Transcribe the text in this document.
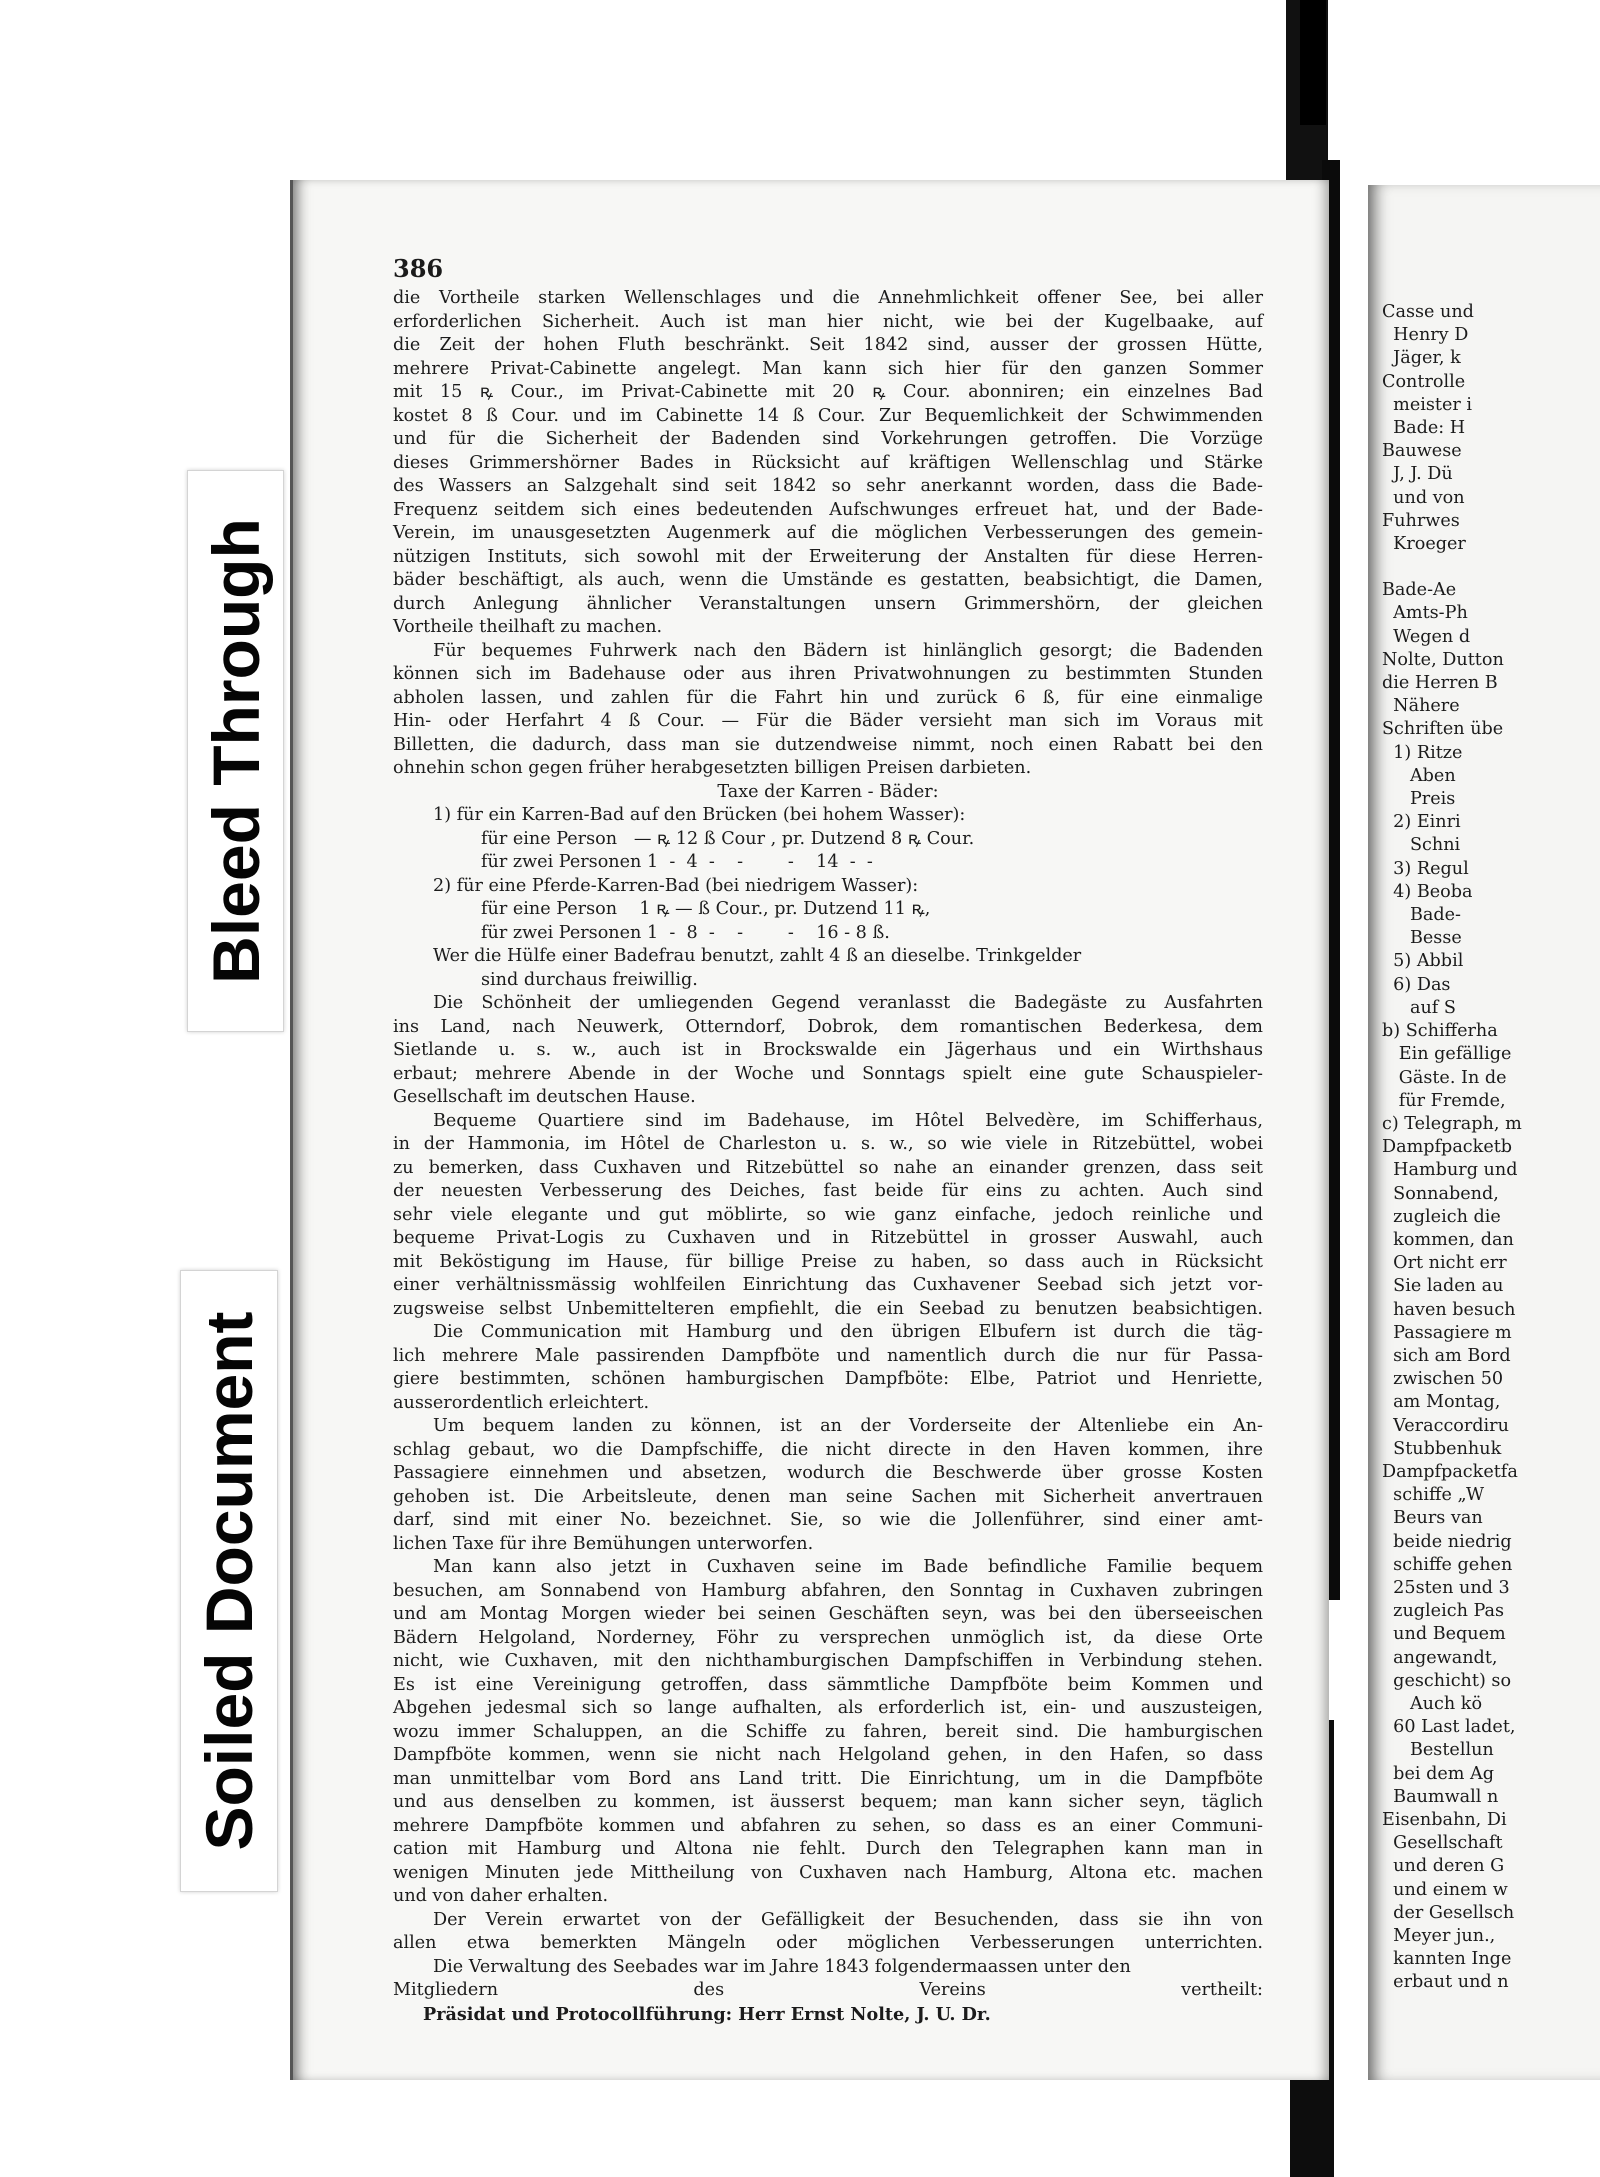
386
die Vortheile starken Wellenschlages und die Annehmlichkeit offener See, bei aller
erforderlichen Sicherheit. Auch ist man hier nicht, wie bei der Kugelbaake, auf
die Zeit der hohen Fluth beschränkt. Seit 1842 sind, ausser der grossen Hütte,
mehrere Privat-Cabinette angelegt. Man kann sich hier für den ganzen Sommer
mit 15 ꝶ Cour., im Privat-Cabinette mit 20 ꝶ Cour. abonniren; ein einzelnes Bad
kostet 8 ß Cour. und im Cabinette 14 ß Cour. Zur Bequemlichkeit der Schwimmenden
und für die Sicherheit der Badenden sind Vorkehrungen getroffen. Die Vorzüge
dieses Grimmershörner Bades in Rücksicht auf kräftigen Wellenschlag und Stärke
des Wassers an Salzgehalt sind seit 1842 so sehr anerkannt worden, dass die Bade-
Frequenz seitdem sich eines bedeutenden Aufschwunges erfreuet hat, und der Bade-
Verein, im unausgesetzten Augenmerk auf die möglichen Verbesserungen des gemein-
nützigen Instituts, sich sowohl mit der Erweiterung der Anstalten für diese Herren-
bäder beschäftigt, als auch, wenn die Umstände es gestatten, beabsichtigt, die Damen,
durch Anlegung ähnlicher Veranstaltungen unsern Grimmershörn, der gleichen
Vortheile theilhaft zu machen.
Für bequemes Fuhrwerk nach den Bädern ist hinlänglich gesorgt; die Badenden
können sich im Badehause oder aus ihren Privatwohnungen zu bestimmten Stunden
abholen lassen, und zahlen für die Fahrt hin und zurück 6 ß, für eine einmalige
Hin- oder Herfahrt 4 ß Cour. — Für die Bäder versieht man sich im Voraus mit
Billetten, die dadurch, dass man sie dutzendweise nimmt, noch einen Rabatt bei den
ohnehin schon gegen früher herabgesetzten billigen Preisen darbieten.
Taxe der Karren - Bäder:
1) für ein Karren-Bad auf den Brücken (bei hohem Wasser):
für eine Person   — ꝶ 12 ß Cour , pr. Dutzend 8 ꝶ Cour.
für zwei Personen 1  -  4  -    -        -    14  -  -
2) für eine Pferde-Karren-Bad (bei niedrigem Wasser):
für eine Person    1 ꝶ — ß Cour., pr. Dutzend 11 ꝶ,
für zwei Personen 1  -  8  -    -        -    16 - 8 ß.
Wer die Hülfe einer Badefrau benutzt, zahlt 4 ß an dieselbe. Trinkgelder
sind durchaus freiwillig.
Die Schönheit der umliegenden Gegend veranlasst die Badegäste zu Ausfahrten
ins Land, nach Neuwerk, Otterndorf, Dobrok, dem romantischen Bederkesa, dem
Sietlande u. s. w., auch ist in Brockswalde ein Jägerhaus und ein Wirthshaus
erbaut; mehrere Abende in der Woche und Sonntags spielt eine gute Schauspieler-
Gesellschaft im deutschen Hause.
Bequeme Quartiere sind im Badehause, im Hôtel Belvedère, im Schifferhaus,
in der Hammonia, im Hôtel de Charleston u. s. w., so wie viele in Ritzebüttel, wobei
zu bemerken, dass Cuxhaven und Ritzebüttel so nahe an einander grenzen, dass seit
der neuesten Verbesserung des Deiches, fast beide für eins zu achten. Auch sind
sehr viele elegante und gut möblirte, so wie ganz einfache, jedoch reinliche und
bequeme Privat-Logis zu Cuxhaven und in Ritzebüttel in grosser Auswahl, auch
mit Beköstigung im Hause, für billige Preise zu haben, so dass auch in Rücksicht
einer verhältnissmässig wohlfeilen Einrichtung das Cuxhavener Seebad sich jetzt vor-
zugsweise selbst Unbemittelteren empfiehlt, die ein Seebad zu benutzen beabsichtigen.
Die Communication mit Hamburg und den übrigen Elbufern ist durch die täg-
lich mehrere Male passirenden Dampfböte und namentlich durch die nur für Passa-
giere bestimmten, schönen hamburgischen Dampfböte: Elbe, Patriot und Henriette,
ausserordentlich erleichtert.
Um bequem landen zu können, ist an der Vorderseite der Altenliebe ein An-
schlag gebaut, wo die Dampfschiffe, die nicht directe in den Haven kommen, ihre
Passagiere einnehmen und absetzen, wodurch die Beschwerde über grosse Kosten
gehoben ist. Die Arbeitsleute, denen man seine Sachen mit Sicherheit anvertrauen
darf, sind mit einer No. bezeichnet. Sie, so wie die Jollenführer, sind einer amt-
lichen Taxe für ihre Bemühungen unterworfen.
Man kann also jetzt in Cuxhaven seine im Bade befindliche Familie bequem
besuchen, am Sonnabend von Hamburg abfahren, den Sonntag in Cuxhaven zubringen
und am Montag Morgen wieder bei seinen Geschäften seyn, was bei den überseeischen
Bädern Helgoland, Norderney, Föhr zu versprechen unmöglich ist, da diese Orte
nicht, wie Cuxhaven, mit den nichthamburgischen Dampfschiffen in Verbindung stehen.
Es ist eine Vereinigung getroffen, dass sämmtliche Dampfböte beim Kommen und
Abgehen jedesmal sich so lange aufhalten, als erforderlich ist, ein- und auszusteigen,
wozu immer Schaluppen, an die Schiffe zu fahren, bereit sind. Die hamburgischen
Dampfböte kommen, wenn sie nicht nach Helgoland gehen, in den Hafen, so dass
man unmittelbar vom Bord ans Land tritt. Die Einrichtung, um in die Dampfböte
und aus denselben zu kommen, ist äusserst bequem; man kann sicher seyn, täglich
mehrere Dampfböte kommen und abfahren zu sehen, so dass es an einer Communi-
cation mit Hamburg und Altona nie fehlt. Durch den Telegraphen kann man in
wenigen Minuten jede Mittheilung von Cuxhaven nach Hamburg, Altona etc. machen
und von daher erhalten.
Der Verein erwartet von der Gefälligkeit der Besuchenden, dass sie ihn von
allen etwa bemerkten Mängeln oder möglichen Verbesserungen unterrichten.
Die Verwaltung des Seebades war im Jahre 1843 folgendermaassen unter den
Mitgliedern des Vereins vertheilt:
Präsidat und Protocollführung: Herr Ernst Nolte, J. U. Dr.
Casse und
Henry D
Jäger, k
Controlle
meister i
Bade: H
Bauwese
J, J. Dü
und von
Fuhrwes
Kroeger
Bade-Ae
Amts-Ph
Wegen d
Nolte, Dutton
die Herren B
Nähere
Schriften übe
1) Ritze
Aben
Preis
2) Einri
Schni
3) Regul
4) Beoba
Bade-
Besse
5) Abbil
6) Das
auf S
b) Schifferha
Ein gefällige
Gäste. In de
für Fremde,
c) Telegraph, m
Dampfpacketb
Hamburg und
Sonnabend,
zugleich die
kommen, dan
Ort nicht err
Sie laden au
haven besuch
Passagiere m
sich am Bord
zwischen 50
am Montag,
Veraccordiru
Stubbenhuk
Dampfpacketfa
schiffe „W
Beurs van
beide niedrig
schiffe gehen
25sten und 3
zugleich Pas
und Bequem
angewandt,
geschicht) so
Auch kö
60 Last ladet,
Bestellun
bei dem Ag
Baumwall n
Eisenbahn, Di
Gesellschaft
und deren G
und einem w
der Gesellsch
Meyer jun.,
kannten Inge
erbaut und n
Bleed Through
Soiled Document
